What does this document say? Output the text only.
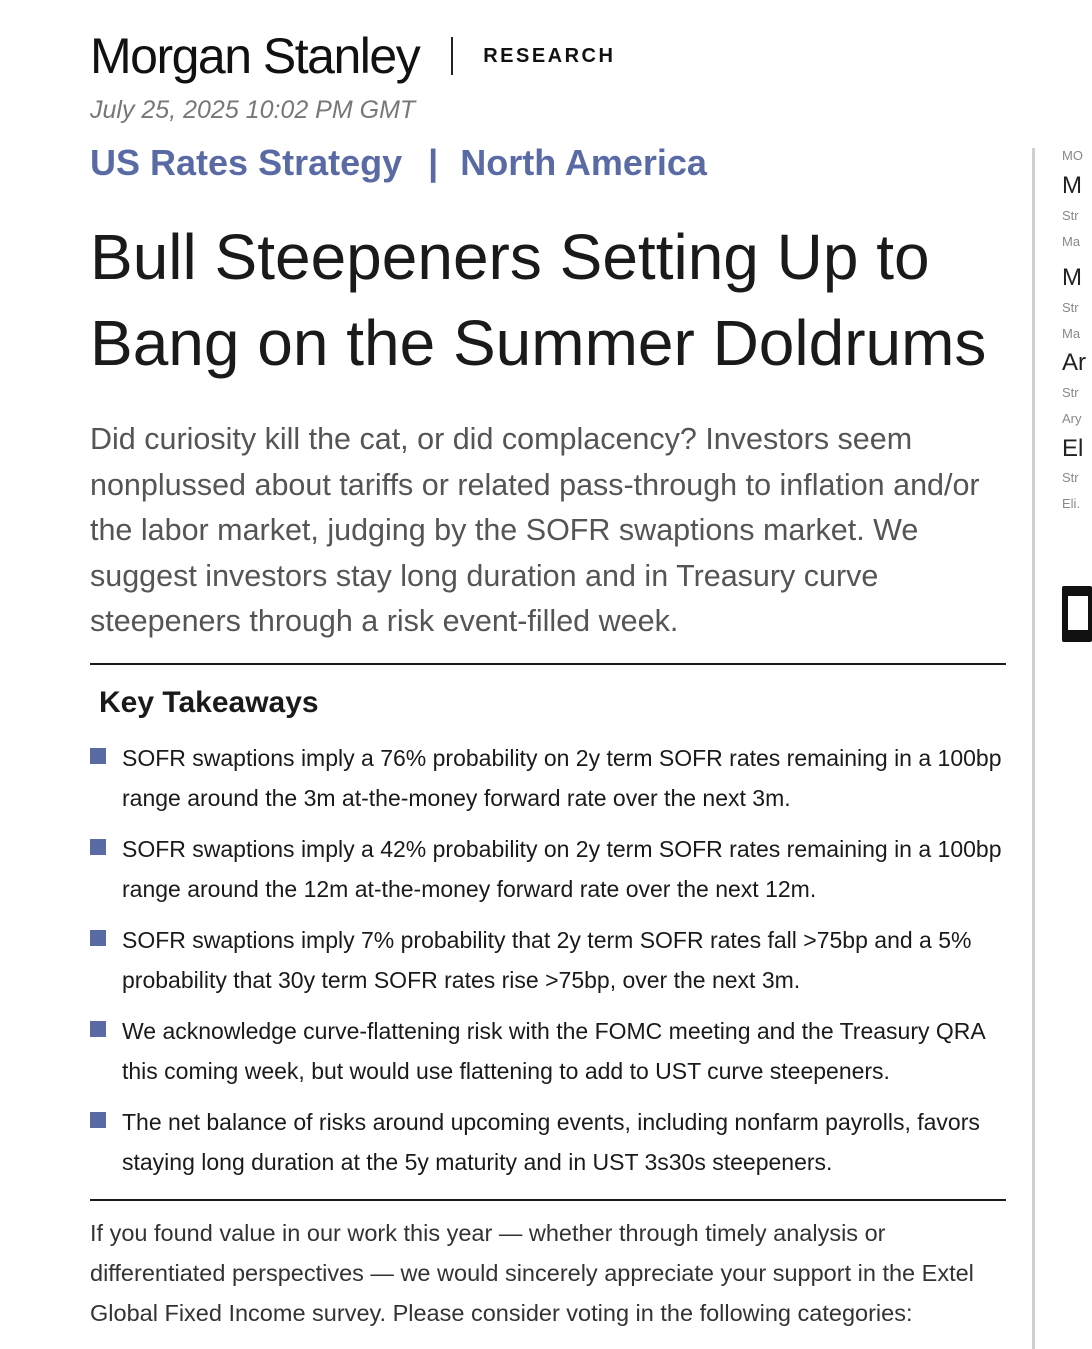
Morgan Stanley	RESEARCH
July 25, 2025 10:02 PM GMT
US Rates Strategy | North America
Bull Steepeners Setting Up to Bang on the Summer Doldrums

Did curiosity kill the cat, or did complacency? Investors seem nonplussed about tariffs or related pass-through to inflation and/or the labor market, judging by the SOFR swaptions market. We suggest investors stay long duration and in Treasury curve steepeners through a risk event-filled week.

Key Takeaways
SOFR swaptions imply a 76% probability on 2y term SOFR rates remaining in a 100bp range around the 3m at-the-money forward rate over the next 3m.
SOFR swaptions imply a 42% probability on 2y term SOFR rates remaining in a 100bp range around the 12m at-the-money forward rate over the next 12m.
SOFR swaptions imply 7% probability that 2y term SOFR rates fall >75bp and a 5% probability that 30y term SOFR rates rise >75bp, over the next 3m.
We acknowledge curve-flattening risk with the FOMC meeting and the Treasury QRA this coming week, but would use flattening to add to UST curve steepeners.
The net balance of risks around upcoming events, including nonfarm payrolls, favors staying long duration at the 5y maturity and in UST 3s30s steepeners.

If you found value in our work this year — whether through timely analysis or differentiated perspectives — we would sincerely appreciate your support in the Extel Global Fixed Income survey. Please consider voting in the following categories:

MO
M
Str
Ma
M
Str
Ma
Ar
Str
Ary
El
Str
Eli.
